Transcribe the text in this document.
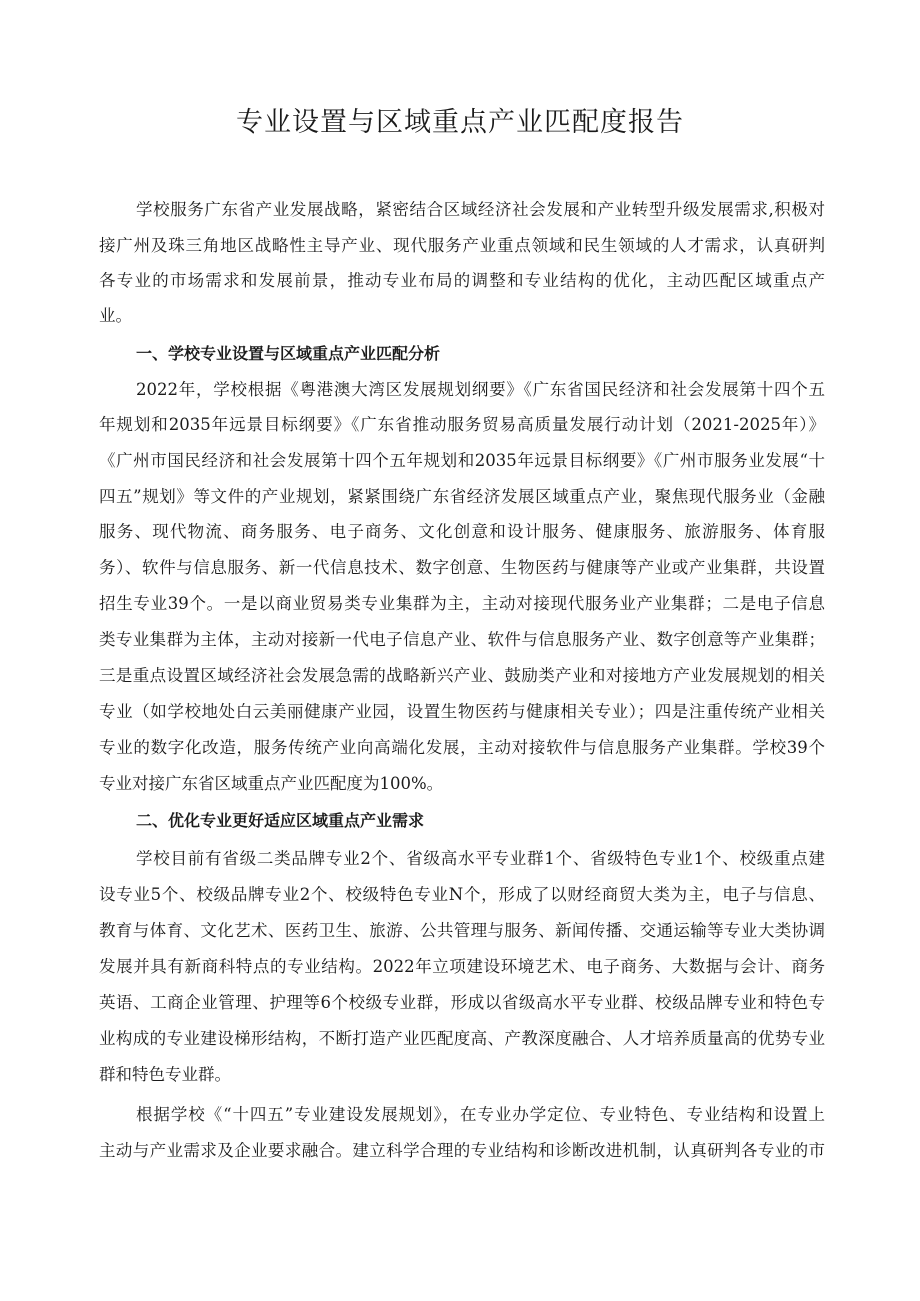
专业设置与区域重点产业匹配度报告
学校服务广东省产业发展战略，紧密结合区域经济社会发展和产业转型升级发展需求,积极对
接广州及珠三角地区战略性主导产业、现代服务产业重点领域和民生领域的人才需求，认真研判
各专业的市场需求和发展前景，推动专业布局的调整和专业结构的优化，主动匹配区域重点产
业。
一、学校专业设置与区域重点产业匹配分析
2022年，学校根据《粤港澳大湾区发展规划纲要》《广东省国民经济和社会发展第十四个五
年规划和2035年远景目标纲要》《广东省推动服务贸易高质量发展行动计划（2021-2025年）》
《广州市国民经济和社会发展第十四个五年规划和2035年远景目标纲要》《广州市服务业发展“十
四五”规划》等文件的产业规划，紧紧围绕广东省经济发展区域重点产业，聚焦现代服务业（金融
服务、现代物流、商务服务、电子商务、文化创意和设计服务、健康服务、旅游服务、体育服
务）、软件与信息服务、新一代信息技术、数字创意、生物医药与健康等产业或产业集群，共设置
招生专业39个。一是以商业贸易类专业集群为主，主动对接现代服务业产业集群；二是电子信息
类专业集群为主体，主动对接新一代电子信息产业、软件与信息服务产业、数字创意等产业集群；
三是重点设置区域经济社会发展急需的战略新兴产业、鼓励类产业和对接地方产业发展规划的相关
专业（如学校地处白云美丽健康产业园，设置生物医药与健康相关专业）；四是注重传统产业相关
专业的数字化改造，服务传统产业向高端化发展，主动对接软件与信息服务产业集群。学校39个
专业对接广东省区域重点产业匹配度为100%。
二、优化专业更好适应区域重点产业需求
学校目前有省级二类品牌专业2个、省级高水平专业群1个、省级特色专业1个、校级重点建
设专业5个、校级品牌专业2个、校级特色专业N个，形成了以财经商贸大类为主，电子与信息、
教育与体育、文化艺术、医药卫生、旅游、公共管理与服务、新闻传播、交通运输等专业大类协调
发展并具有新商科特点的专业结构。2022年立项建设环境艺术、电子商务、大数据与会计、商务
英语、工商企业管理、护理等6个校级专业群，形成以省级高水平专业群、校级品牌专业和特色专
业构成的专业建设梯形结构，不断打造产业匹配度高、产教深度融合、人才培养质量高的优势专业
群和特色专业群。
根据学校《“十四五”专业建设发展规划》，在专业办学定位、专业特色、专业结构和设置上
主动与产业需求及企业要求融合。建立科学合理的专业结构和诊断改进机制，认真研判各专业的市
